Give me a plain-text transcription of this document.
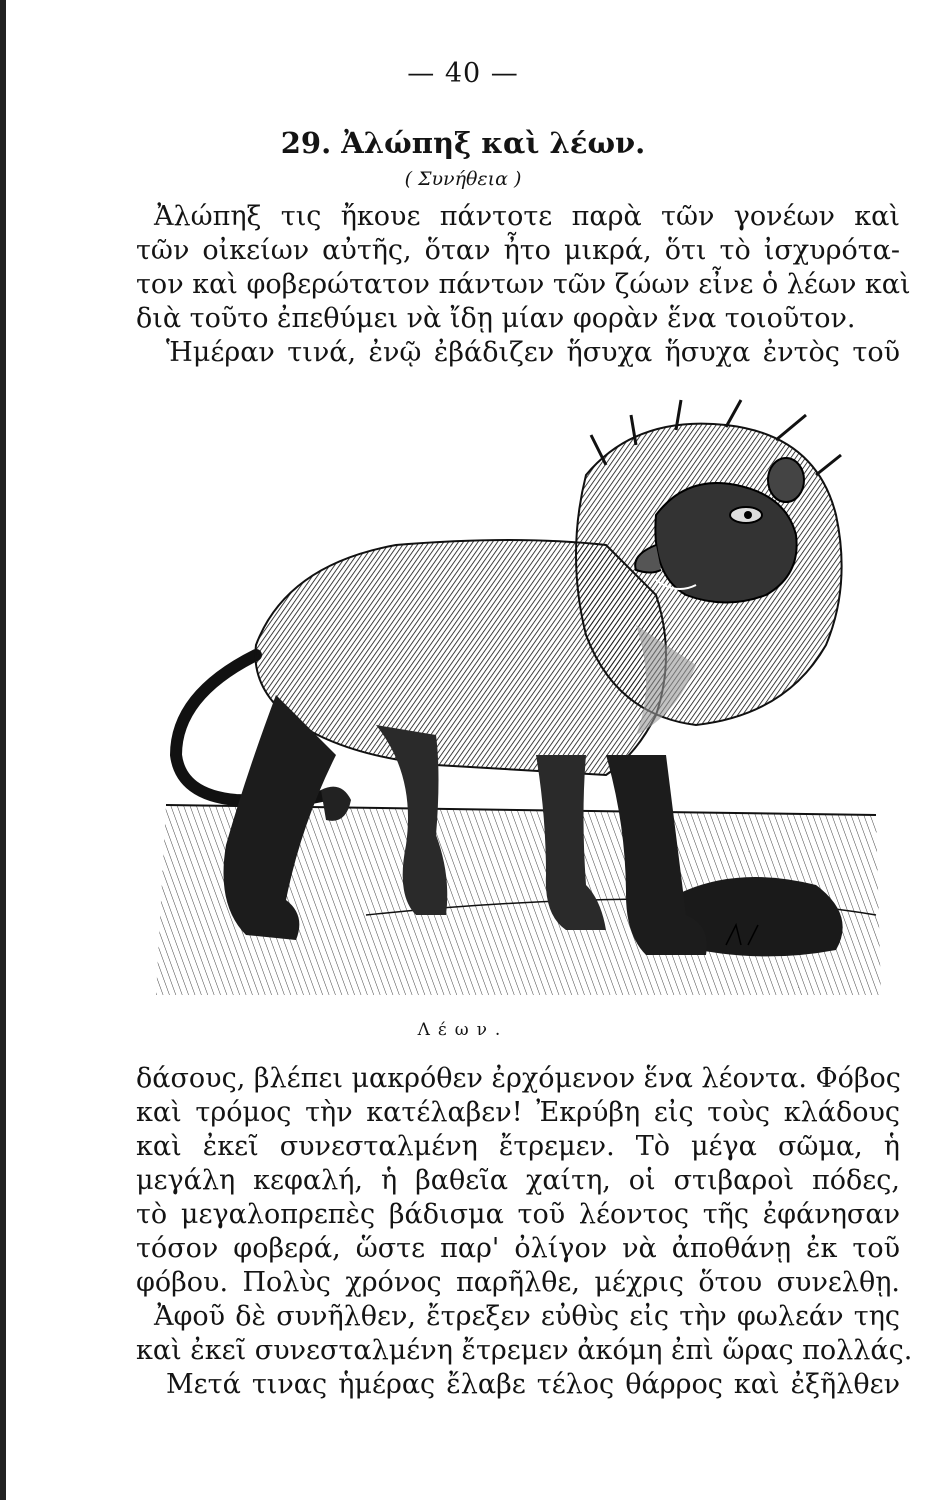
— 40 —
29. Ἀλώπηξ καὶ λέων.
( Συνήθεια )
Ἀλώπηξ τις ἤκουε πάντοτε παρὰ τῶν γονέων καὶ
τῶν οἰκείων αὐτῆς, ὅταν ἦτο μικρά, ὅτι τὸ ἰσχυρότα-
τον καὶ φοβερώτατον πάντων τῶν ζώων εἶνε ὁ λέων καὶ
διὰ τοῦτο ἐπεθύμει νὰ ἴδῃ μίαν φορὰν ἕνα τοιοῦτον.
Ἡμέραν τινά, ἐνῷ ἐβάδιζεν ἥσυχα ἥσυχα ἐντὸς τοῦ
Λέων.
δάσους, βλέπει μακρόθεν ἐρχόμενον ἕνα λέοντα. Φόβος
καὶ τρόμος τὴν κατέλαβεν! Ἐκρύβη εἰς τοὺς κλάδους
καὶ ἐκεῖ συνεσταλμένη ἔτρεμεν. Τὸ μέγα σῶμα, ἡ
μεγάλη κεφαλή, ἡ βαθεῖα χαίτη, οἱ στιβαροὶ πόδες,
τὸ μεγαλοπρεπὲς βάδισμα τοῦ λέοντος τῆς ἐφάνησαν
τόσον φοβερά, ὥστε παρ' ὀλίγον νὰ ἀποθάνῃ ἐκ τοῦ
φόβου. Πολὺς χρόνος παρῆλθε, μέχρις ὅτου συνελθῃ.
Ἀφοῦ δὲ συνῆλθεν, ἔτρεξεν εὐθὺς εἰς τὴν φωλεάν της
καὶ ἐκεῖ συνεσταλμένη ἔτρεμεν ἀκόμη ἐπὶ ὥρας πολλάς.
Μετά τινας ἡμέρας ἔλαβε τέλος θάρρος καὶ ἐξῆλθεν
